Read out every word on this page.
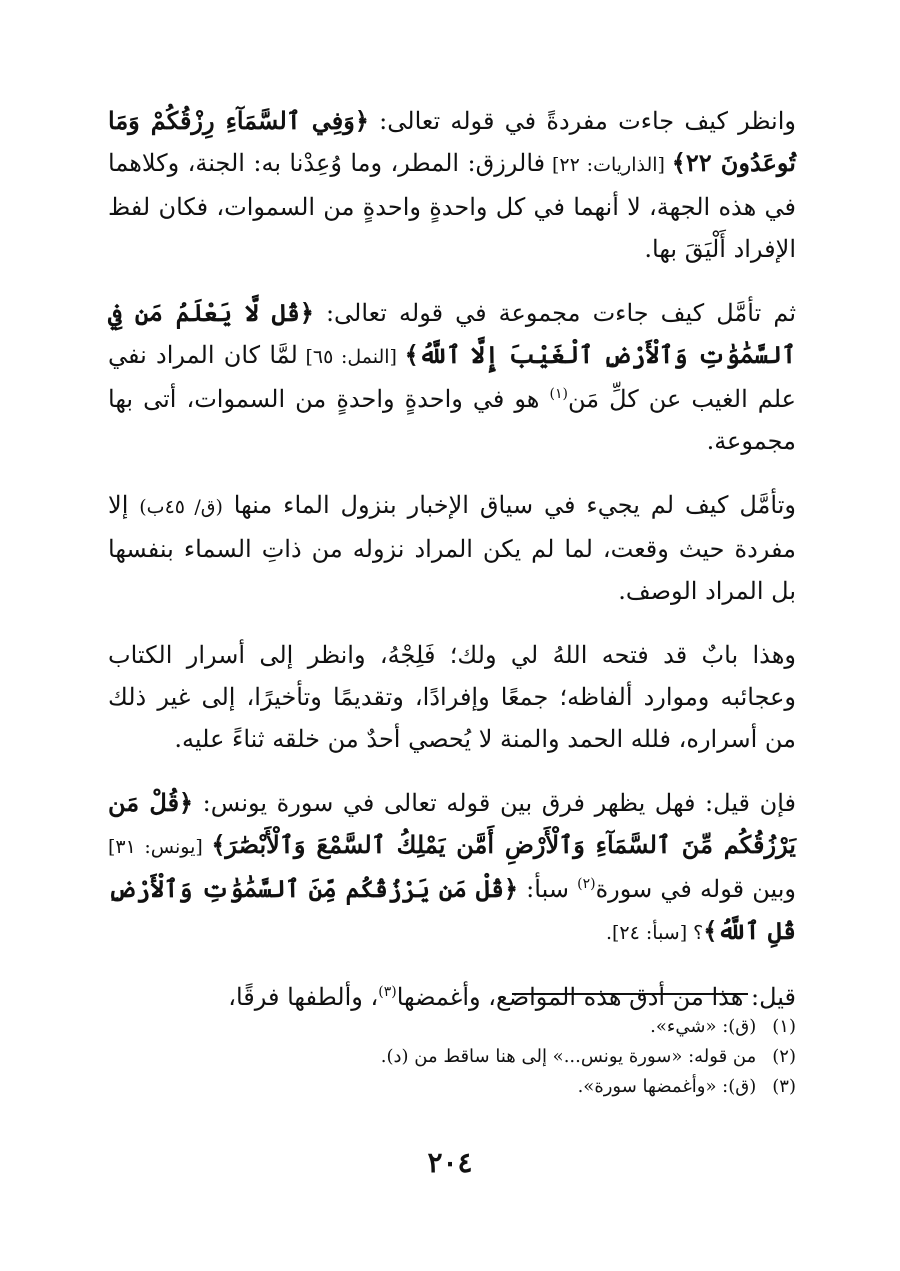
وانظر كيف جاءت مفردةً في قوله تعالى: ﴿وَفِي ٱلسَّمَآءِ رِزْقُكُمْ وَمَا تُوعَدُونَ ٢٢﴾ [الذاريات: ٢٢] فالرزق: المطر، وما وُعِدْنا به: الجنة، وكلاهما في هذه الجهة، لا أنهما في كل واحدةٍ واحدةٍ من السموات، فكان لفظ الإفراد أَلْيَقَ بها.

ثم تأمَّل كيف جاءت مجموعة في قوله تعالى: ﴿قُل لَّا يَعْلَمُ مَن فِي ٱلسَّمَٰوَٰتِ وَٱلْأَرْضِ ٱلْغَيْبَ إِلَّا ٱللَّهُ﴾ [النمل: ٦٥] لمَّا كان المراد نفي علم الغيب عن كلِّ مَن$^{(١)}$ هو في واحدةٍ واحدةٍ من السموات، أتى بها مجموعة.

وتأمَّل كيف لم يجيء في سياق الإخبار بنزول الماء منها (ق/ ٤٥ب) إلا مفردة حيث وقعت، لما لم يكن المراد نزوله من ذاتِ السماء بنفسها بل المراد الوصف.

وهذا بابٌ قد فتحه اللهُ لي ولك؛ فَلِجْهُ، وانظر إلى أسرار الكتاب وعجائبه وموارد ألفاظه؛ جمعًا وإفرادًا، وتقديمًا وتأخيرًا، إلى غير ذلك من أسراره، فلله الحمد والمنة لا يُحصي أحدٌ من خلقه ثناءً عليه.

فإن قيل: فهل يظهر فرق بين قوله تعالى في سورة يونس: ﴿قُلْ مَن يَرْزُقُكُم مِّنَ ٱلسَّمَآءِ وَٱلْأَرْضِ أَمَّن يَمْلِكُ ٱلسَّمْعَ وَٱلْأَبْصَٰرَ﴾ [يونس: ٣١] وبين قوله في سورة$^{(٢)}$ سبأ: ﴿قُلْ مَن يَرْزُقُكُم مِّنَ ٱلسَّمَٰوَٰتِ وَٱلْأَرْضِ قُلِ ٱللَّهُ﴾؟ [سبأ: ٢٤].

قيل: هذا من أدق هذه المواضع، وأغمضها$^{(٣)}$، وألطفها فرقًا،

(١) (ق): «شيء».
(٢) من قوله: «سورة يونس...» إلى هنا ساقط من (د).
(٣) (ق): «وأغمضها سورة».
٢٠٤
